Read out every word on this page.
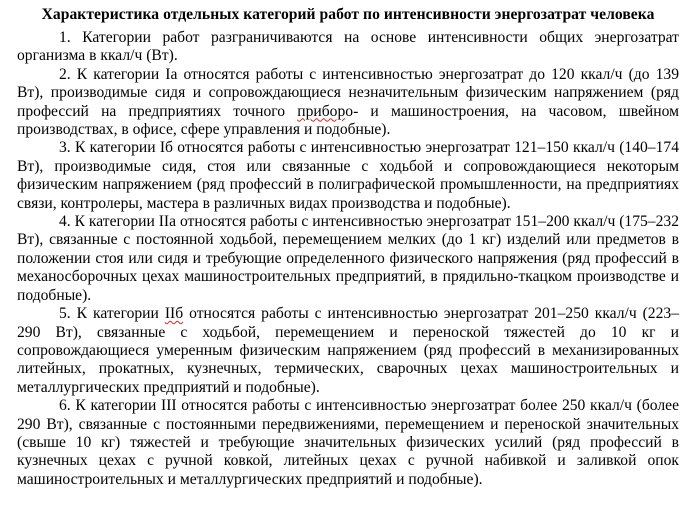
Характеристика отдельных категорий работ по интенсивности энергозатрат человека

1. Категории работ разграничиваются на основе интенсивности общих энергозатрат организма в ккал/ч (Вт).

2. К категории Iа относятся работы с интенсивностью энергозатрат до 120 ккал/ч (до 139 Вт), производимые сидя и сопровождающиеся незначительным физическим напряжением (ряд профессий на предприятиях точного приборо- и машиностроения, на часовом, швейном производствах, в офисе, сфере управления и подобные).

3. К категории Iб относятся работы с интенсивностью энергозатрат 121–150 ккал/ч (140–174 Вт), производимые сидя, стоя или связанные с ходьбой и сопровождающиеся некоторым физическим напряжением (ряд профессий в полиграфической промышленности, на предприятиях связи, контролеры, мастера в различных видах производства и подобные).

4. К категории IIа относятся работы с интенсивностью энергозатрат 151–200 ккал/ч (175–232 Вт), связанные с постоянной ходьбой, перемещением мелких (до 1 кг) изделий или предметов в положении стоя или сидя и требующие определенного физического напряжения (ряд профессий в механосборочных цехах машиностроительных предприятий, в прядильно-ткацком производстве и подобные).

5. К категории IIб относятся работы с интенсивностью энергозатрат 201–250 ккал/ч (223–290 Вт), связанные с ходьбой, перемещением и переноской тяжестей до 10 кг и сопровождающиеся умеренным физическим напряжением (ряд профессий в механизированных литейных, прокатных, кузнечных, термических, сварочных цехах машиностроительных и металлургических предприятий и подобные).

6. К категории III относятся работы с интенсивностью энергозатрат более 250 ккал/ч (более 290 Вт), связанные с постоянными передвижениями, перемещением и переноской значительных (свыше 10 кг) тяжестей и требующие значительных физических усилий (ряд профессий в кузнечных цехах с ручной ковкой, литейных цехах с ручной набивкой и заливкой опок машиностроительных и металлургических предприятий и подобные).
